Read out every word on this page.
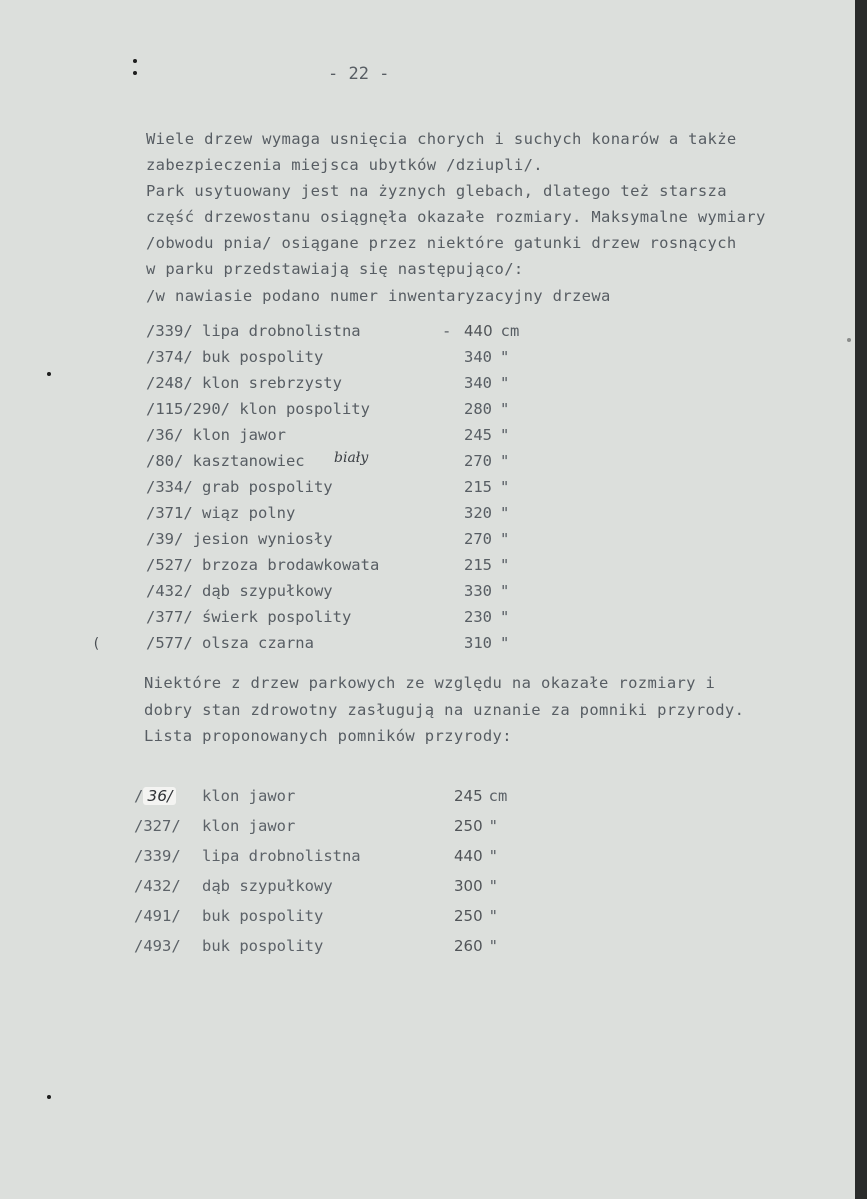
- 22 -
Wiele drzew wymaga usnięcia chorych i suchych konarów a także
zabezpieczenia miejsca ubytków /dziupli/.
Park usytuowany jest na żyznych glebach, dlatego też starsza
część drzewostanu osiągnęła okazałe rozmiary. Maksymalne wymiary
/obwodu pnia/ osiągane przez niektóre gatunki drzew rosnących
w parku przedstawiają się następująco/:
/w nawiasie podano numer inwentaryzacyjny drzewa
/339/ lipa drobnolistna	- 440 cm
/374/ buk pospolity	340 "
/248/ klon srebrzysty	340 "
/115/290/ klon pospolity	280 "
/36/ klon jawor	245 "
/80/ kasztanowiec biały	270 "
/334/ grab pospolity	215 "
/371/ wiąz polny	320 "
/39/ jesion wyniosły	270 "
/527/ brzoza brodawkowata	215 "
/432/ dąb szypułkowy	330 "
/377/ świerk pospolity	230 "
/577/ olsza czarna	310 "
Niektóre z drzew parkowych ze względu na okazałe rozmiary i
dobry stan zdrowotny zasługują na uznanie za pomniki przyrody.
Lista proponowanych pomników przyrody:
/ 36/ klon jawor	245 cm
/327/ klon jawor	250 "
/339/ lipa drobnolistna	440 "
/432/ dąb szypułkowy	300 "
/491/ buk pospolity	250 "
/493/ buk pospolity	260 "
(
